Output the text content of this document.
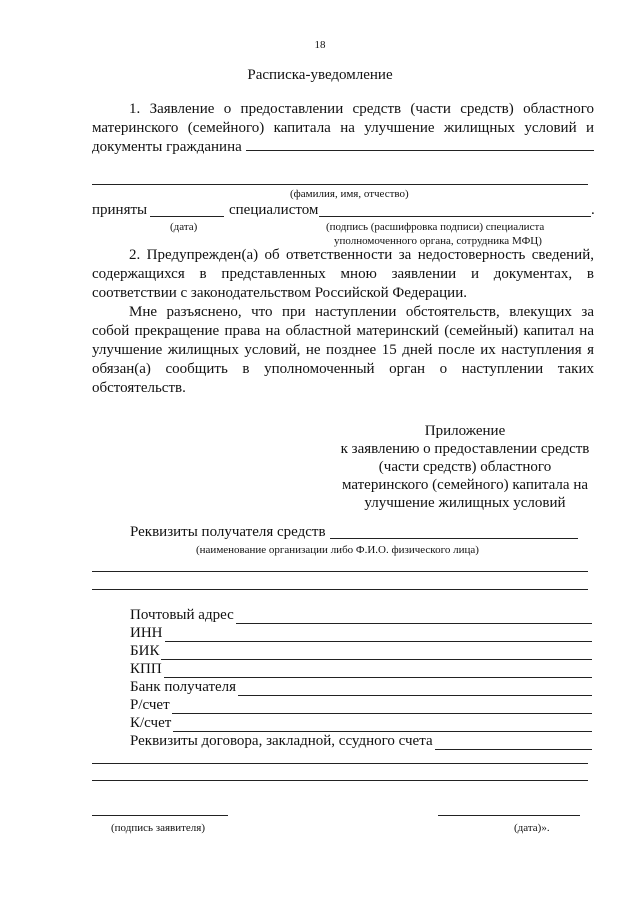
18
Расписка-уведомление
1. Заявление о предоставлении средств (части средств) областного материнского (семейного) капитала на улучшение жилищных условий и документы гражданина
(фамилия, имя, отчество)
приняты	специалистом	.
(дата)	(подпись (расшифровка подписи) специалиста
уполномоченного органа, сотрудника МФЦ)
2. Предупрежден(а) об ответственности за недостоверность сведений, содержащихся в представленных мною заявлении и документах, в соответствии с законодательством Российской Федерации.
Мне разъяснено, что при наступлении обстоятельств, влекущих за собой прекращение права на областной материнский (семейный) капитал на улучшение жилищных условий, не позднее 15 дней после их наступления я обязан(а) сообщить в уполномоченный орган о наступлении таких обстоятельств.
Приложение
к заявлению о предоставлении средств
(части средств) областного
материнского (семейного) капитала на
улучшение жилищных условий
Реквизиты получателя средств
(наименование организации либо Ф.И.О. физического лица)
Почтовый адрес
ИНН
БИК
КПП
Банк получателя
Р/счет
К/счет
Реквизиты договора, закладной, ссудного счета
(подпись заявителя)	(дата)».
